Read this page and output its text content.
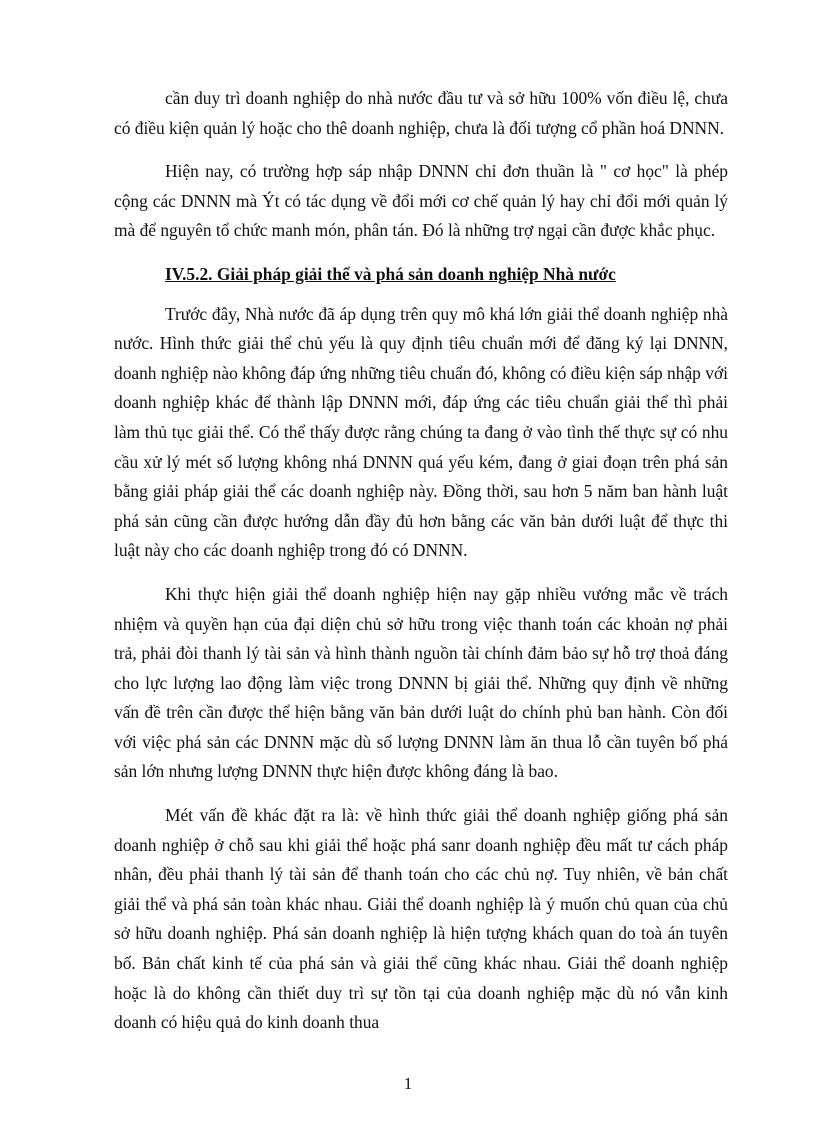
cần duy trì doanh nghiệp do nhà nước đầu tư và sở hữu 100% vốn điều lệ, chưa có điều kiện quản lý hoặc cho thê doanh nghiệp, chưa là đối tượng cổ phần hoá DNNN.

Hiện nay, có trường hợp sáp nhập DNNN chỉ đơn thuần là " cơ học" là phép cộng các DNNN mà Ýt có tác dụng về đổi mới cơ chế quản lý hay chỉ đổi mới quản lý mà để nguyên tổ chức manh món, phân tán. Đó là những trợ ngại cần được khắc phục.

IV.5.2. Giải pháp giải thể và phá sản doanh nghiệp Nhà nước

Trước đây, Nhà nước đã áp dụng trên quy mô khá lớn giải thể doanh nghiệp nhà nước. Hình thức giải thể chủ yếu là quy định tiêu chuẩn mới để đăng ký lại DNNN, doanh nghiệp nào không đáp ứng những tiêu chuẩn đó, không có điều kiện sáp nhập với doanh nghiệp khác để thành lập DNNN mới, đáp ứng các tiêu chuẩn giải thể thì phải làm thủ tục giải thể. Có thể thấy được rằng chúng ta đang ở vào tình thế thực sự có nhu cầu xử lý mét số lượng không nhá DNNN quá yếu kém, đang ở giai đoạn trên phá sản bằng giải pháp giải thể các doanh nghiệp này. Đồng thời, sau hơn 5 năm ban hành luật phá sản cũng cần được hướng dẫn đầy đủ hơn bằng các văn bản dưới luật để thực thi luật này cho các doanh nghiệp trong đó có DNNN.

Khi thực hiện giải thể doanh nghiệp hiện nay gặp nhiều vướng mắc về trách nhiệm và quyền hạn của đại diện chủ sở hữu trong việc thanh toán các khoản nợ phải trả, phải đòi thanh lý tài sản và hình thành nguồn tài chính đảm bảo sự hỗ trợ thoả đáng cho lực lượng lao động làm việc trong DNNN bị giải thể. Những quy định về những vấn đề trên cần được thể hiện bằng văn bản dưới luật do chính phủ ban hành. Còn đối với việc phá sản các DNNN mặc dù số lượng DNNN làm ăn thua lỗ cần tuyên bố phá sản lớn nhưng lượng DNNN thực hiện được không đáng là bao.

Mét vấn đề khác đặt ra là: về hình thức giải thể doanh nghiệp giống phá sản doanh nghiệp ở chỗ sau khi giải thể hoặc phá sanr doanh nghiệp đều mất tư cách pháp nhân, đều phải thanh lý tài sản để thanh toán cho các chủ nợ. Tuy nhiên, về bản chất giải thể và phá sản toàn khác nhau. Giải thể doanh nghiệp là ý muốn chủ quan của chủ sở hữu doanh nghiệp. Phá sản doanh nghiệp là hiện tượng khách quan do toà án tuyên bố. Bản chất kinh tế của phá sản và giải thể cũng khác nhau. Giải thể doanh nghiệp hoặc là do không cần thiết duy trì sự tồn tại của doanh nghiệp mặc dù nó vẫn kinh doanh có hiệu quả do kinh doanh thua

1
